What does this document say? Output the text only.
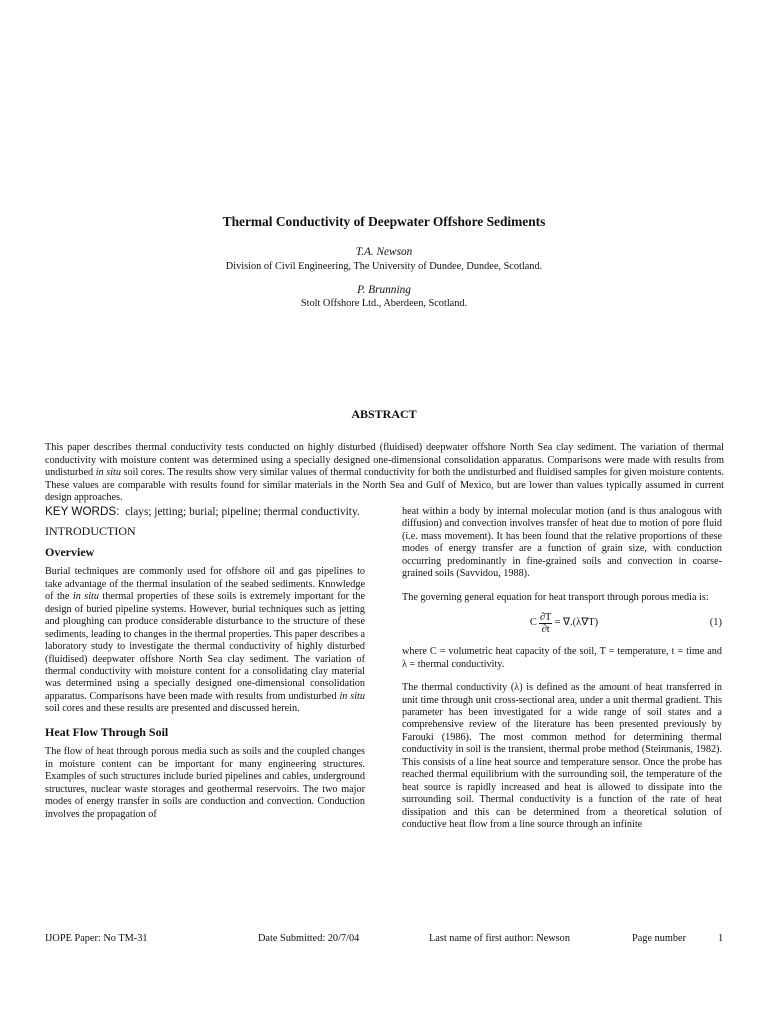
Thermal Conductivity of Deepwater Offshore Sediments
T.A. Newson
Division of Civil Engineering, The University of Dundee, Dundee, Scotland.
P. Brunning
Stolt Offshore Ltd., Aberdeen, Scotland.
ABSTRACT

This paper describes thermal conductivity tests conducted on highly disturbed (fluidised) deepwater offshore North Sea clay sediment. The variation of thermal conductivity with moisture content was determined using a specially designed one-dimensional consolidation apparatus. Comparisons were made with results from undisturbed in situ soil cores. The results show very similar values of thermal conductivity for both the undisturbed and fluidised samples for given moisture contents. These values are comparable with results found for similar materials in the North Sea and Gulf of Mexico, but are lower than values typically assumed in current design approaches.

KEY WORDS: clays; jetting; burial; pipeline; thermal conductivity.
INTRODUCTION
Overview

Burial techniques are commonly used for offshore oil and gas pipelines to take advantage of the thermal insulation of the seabed sediments. Knowledge of the in situ thermal properties of these soils is extremely important for the design of buried pipeline systems. However, burial techniques such as jetting and ploughing can produce considerable disturbance to the structure of these sediments, leading to changes in the thermal properties. This paper describes a laboratory study to investigate the thermal conductivity of highly disturbed (fluidised) deepwater offshore North Sea clay sediment. The variation of thermal conductivity with moisture content for a consolidating clay material was determined using a specially designed one-dimensional consolidation apparatus. Comparisons have been made with results from undisturbed in situ soil cores and these results are presented and discussed herein.

Heat Flow Through Soil

The flow of heat through porous media such as soils and the coupled changes in moisture content can be important for many engineering structures. Examples of such structures include buried pipelines and cables, underground structures, nuclear waste storages and geothermal reservoirs. The two major modes of energy transfer in soils are conduction and convection. Conduction involves the propagation of

heat within a body by internal molecular motion (and is thus analogous with diffusion) and convection involves transfer of heat due to motion of pore fluid (i.e. mass movement). It has been found that the relative proportions of these modes of energy transfer are a function of grain size, with conduction occurring predominantly in fine-grained soils and convection in coarse-grained soils (Savvidou, 1988).

The governing general equation for heat transport through porous media is:

C $\frac{\partial T}{\partial t} = \nabla.(\lambda\nabla T)$	(1)

where C = volumetric heat capacity of the soil, T = temperature, t = time and λ = thermal conductivity.

The thermal conductivity (λ) is defined as the amount of heat transferred in unit time through unit cross-sectional area, under a unit thermal gradient. This parameter has been investigated for a wide range of soil states and a comprehensive review of the literature has been presented previously by Farouki (1986). The most common method for determining thermal conductivity in soil is the transient, thermal probe method (Steinmanis, 1982). This consists of a line heat source and temperature sensor. Once the probe has reached thermal equilibrium with the surrounding soil, the temperature of the heat source is rapidly increased and heat is allowed to dissipate into the surrounding soil. Thermal conductivity is a function of the rate of heat dissipation and this can be determined from a theoretical solution of conductive heat flow from a line source through an infinite

IJOPE Paper: No TM-31	Date Submitted: 20/7/04	Last name of first author: Newson	Page number	1
